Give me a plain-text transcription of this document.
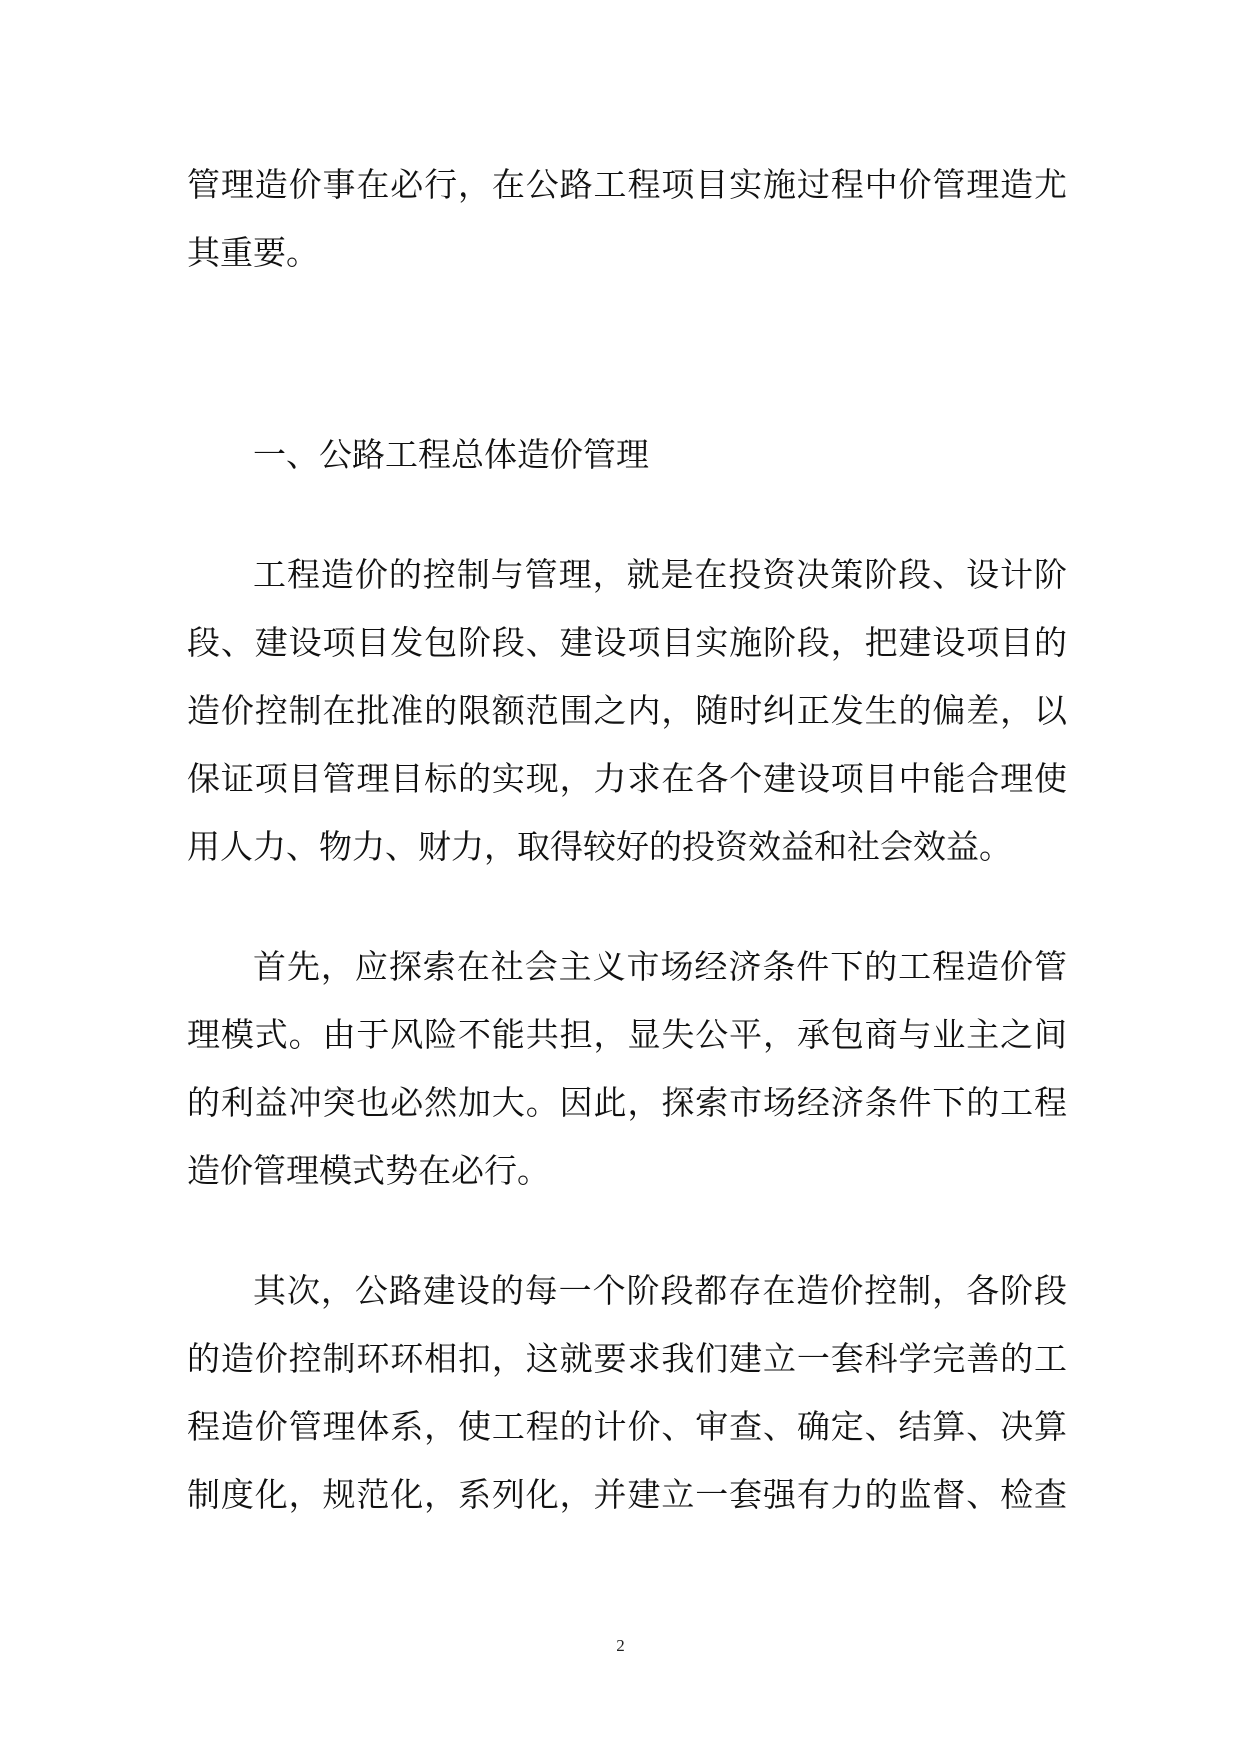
管理造价事在必行，在公路工程项目实施过程中价管理造尤
其重要。
一、公路工程总体造价管理
工程造价的控制与管理，就是在投资决策阶段、设计阶
段、建设项目发包阶段、建设项目实施阶段，把建设项目的
造价控制在批准的限额范围之内，随时纠正发生的偏差，以
保证项目管理目标的实现，力求在各个建设项目中能合理使
用人力、物力、财力，取得较好的投资效益和社会效益。
首先，应探索在社会主义市场经济条件下的工程造价管
理模式。由于风险不能共担，显失公平，承包商与业主之间
的利益冲突也必然加大。因此，探索市场经济条件下的工程
造价管理模式势在必行。
其次，公路建设的每一个阶段都存在造价控制，各阶段
的造价控制环环相扣，这就要求我们建立一套科学完善的工
程造价管理体系，使工程的计价、审查、确定、结算、决算
制度化，规范化，系列化，并建立一套强有力的监督、检查
2
